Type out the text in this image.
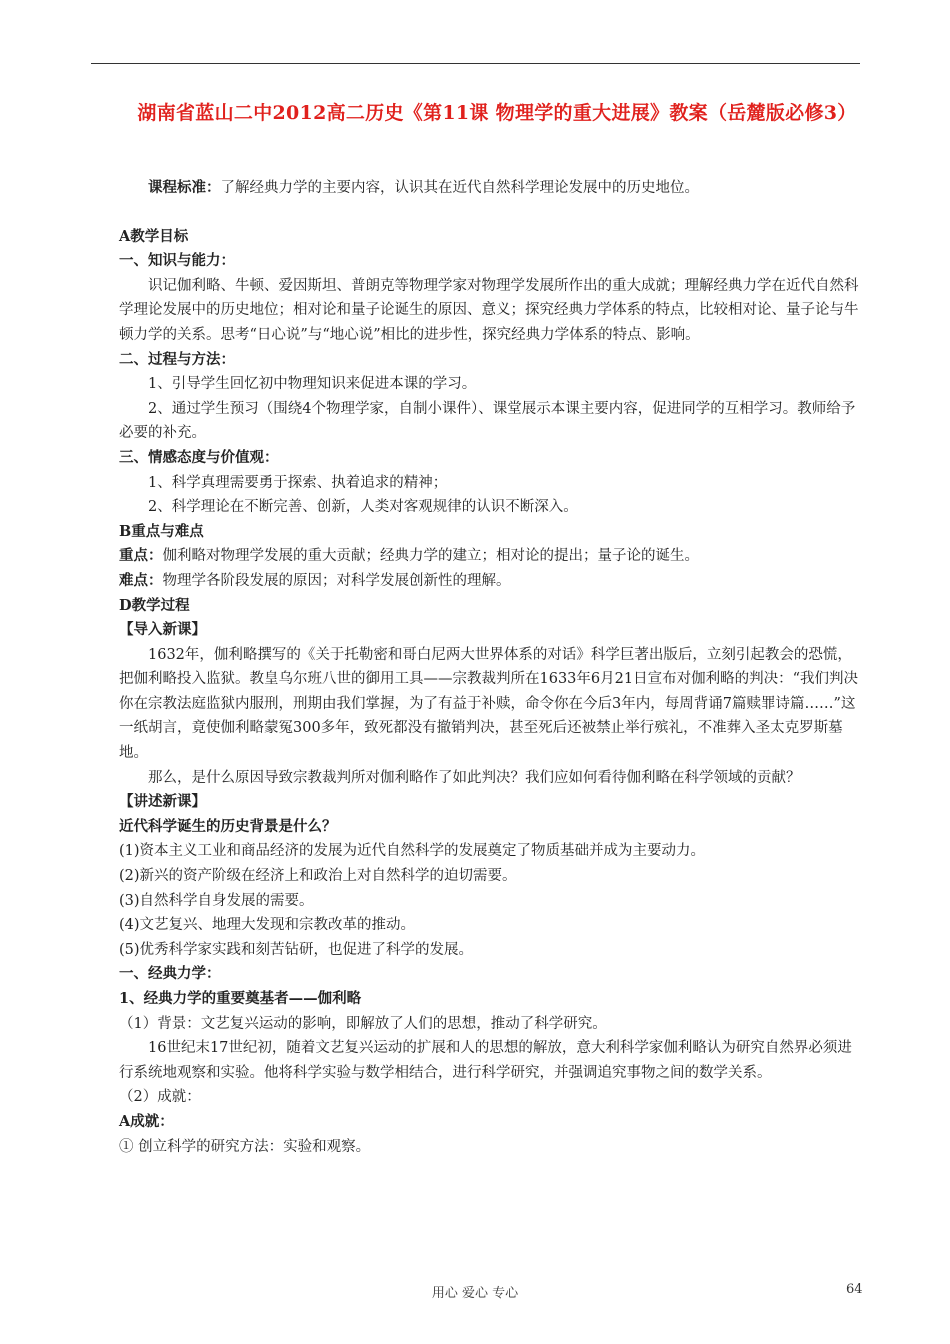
湖南省蓝山二中2012高二历史《第11课 物理学的重大进展》教案（岳麓版必修3）

课程标准：了解经典力学的主要内容，认识其在近代自然科学理论发展中的历史地位。

A教学目标

一、知识与能力：

识记伽利略、牛顿、爱因斯坦、普朗克等物理学家对物理学发展所作出的重大成就；理解经典力学在近代自然科学理论发展中的历史地位；相对论和量子论诞生的原因、意义；探究经典力学体系的特点，比较相对论、量子论与牛顿力学的关系。思考“日心说”与“地心说”相比的进步性，探究经典力学体系的特点、影响。

二、过程与方法：

1、引导学生回忆初中物理知识来促进本课的学习。

2、通过学生预习（围绕4个物理学家，自制小课件）、课堂展示本课主要内容，促进同学的互相学习。教师给予必要的补充。

三、情感态度与价值观：

1、科学真理需要勇于探索、执着追求的精神；

2、科学理论在不断完善、创新，人类对客观规律的认识不断深入。

B重点与难点

重点：伽利略对物理学发展的重大贡献；经典力学的建立；相对论的提出；量子论的诞生。

难点：物理学各阶段发展的原因；对科学发展创新性的理解。

D教学过程

【导入新课】

1632年，伽利略撰写的《关于托勒密和哥白尼两大世界体系的对话》科学巨著出版后，立刻引起教会的恐慌，把伽利略投入监狱。教皇乌尔班八世的御用工具——宗教裁判所在1633年6月21日宣布对伽利略的判决：“我们判决你在宗教法庭监狱内服刑，刑期由我们掌握，为了有益于补赎，命令你在今后3年内，每周背诵7篇赎罪诗篇……”这一纸胡言，竟使伽利略蒙冤300多年，致死都没有撤销判决，甚至死后还被禁止举行殡礼，不准葬入圣太克罗斯墓地。

那么，是什么原因导致宗教裁判所对伽利略作了如此判决？我们应如何看待伽利略在科学领域的贡献？

【讲述新课】

近代科学诞生的历史背景是什么？

(1)资本主义工业和商品经济的发展为近代自然科学的发展奠定了物质基础并成为主要动力。

(2)新兴的资产阶级在经济上和政治上对自然科学的迫切需要。

(3)自然科学自身发展的需要。

(4)文艺复兴、地理大发现和宗教改革的推动。

(5)优秀科学家实践和刻苦钻研，也促进了科学的发展。

一、经典力学：

1、经典力学的重要奠基者——伽利略

（1）背景：文艺复兴运动的影响，即解放了人们的思想，推动了科学研究。

16世纪末17世纪初，随着文艺复兴运动的扩展和人的思想的解放，意大利科学家伽利略认为研究自然界必须进行系统地观察和实验。他将科学实验与数学相结合，进行科学研究，并强调追究事物之间的数学关系。

（2）成就：

A成就：

① 创立科学的研究方法：实验和观察。

用心 爱心 专心	64
